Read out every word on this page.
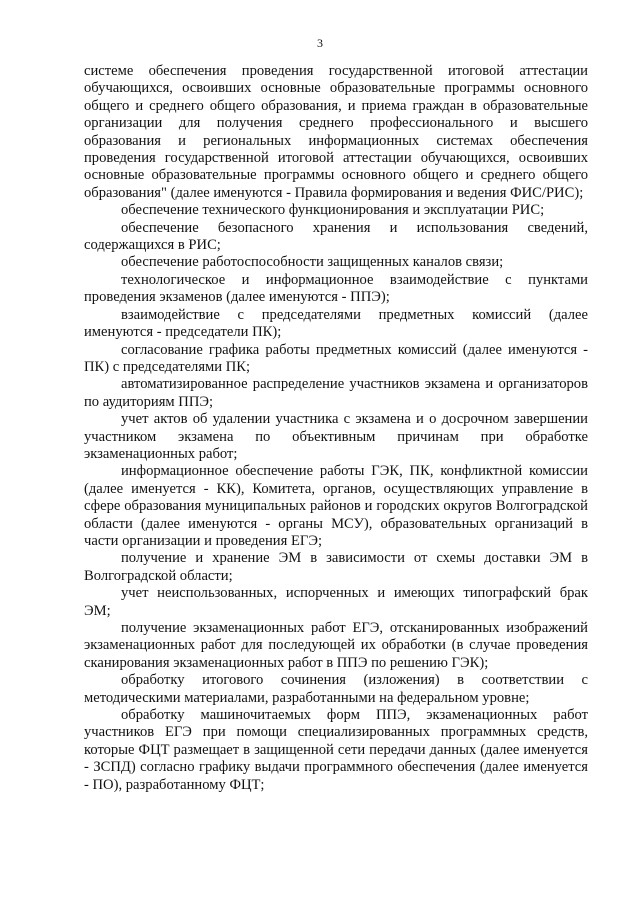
3

системе обеспечения проведения государственной итоговой аттестации обучающихся, освоивших основные образовательные программы основного общего и среднего общего образования, и приема граждан в образовательные организации для получения среднего профессионального и высшего образования и региональных информационных системах обеспечения проведения государственной итоговой аттестации обучающихся, освоивших основные образовательные программы основного общего и среднего общего образования" (далее именуются - Правила формирования и ведения ФИС/РИС);

обеспечение технического функционирования и эксплуатации РИС;

обеспечение безопасного хранения и использования сведений, содержащихся в РИС;

обеспечение работоспособности защищенных каналов связи;

технологическое и информационное взаимодействие с пунктами проведения экзаменов (далее именуются - ППЭ);

взаимодействие с председателями предметных комиссий (далее именуются - председатели ПК);

согласование графика работы предметных комиссий (далее именуются - ПК) с председателями ПК;

автоматизированное распределение участников экзамена и организаторов по аудиториям ППЭ;

учет актов об удалении участника с экзамена и о досрочном завершении участником экзамена по объективным причинам при обработке экзаменационных работ;

информационное обеспечение работы ГЭК, ПК, конфликтной комиссии (далее именуется - КК), Комитета, органов, осуществляющих управление в сфере образования муниципальных районов и городских округов Волгоградской области (далее именуются - органы МСУ), образовательных организаций в части организации и проведения ЕГЭ;

получение и хранение ЭМ в зависимости от схемы доставки ЭМ в Волгоградской области;

учет неиспользованных, испорченных и имеющих типографский брак ЭМ;

получение экзаменационных работ ЕГЭ, отсканированных изображений экзаменационных работ для последующей их обработки (в случае проведения сканирования экзаменационных работ в ППЭ по решению ГЭК);

обработку итогового сочинения (изложения) в соответствии с методическими материалами, разработанными на федеральном уровне;

обработку машиночитаемых форм ППЭ, экзаменационных работ участников ЕГЭ при помощи специализированных программных средств, которые ФЦТ размещает в защищенной сети передачи данных (далее именуется - ЗСПД) согласно графику выдачи программного обеспечения (далее именуется - ПО), разработанному ФЦТ;
